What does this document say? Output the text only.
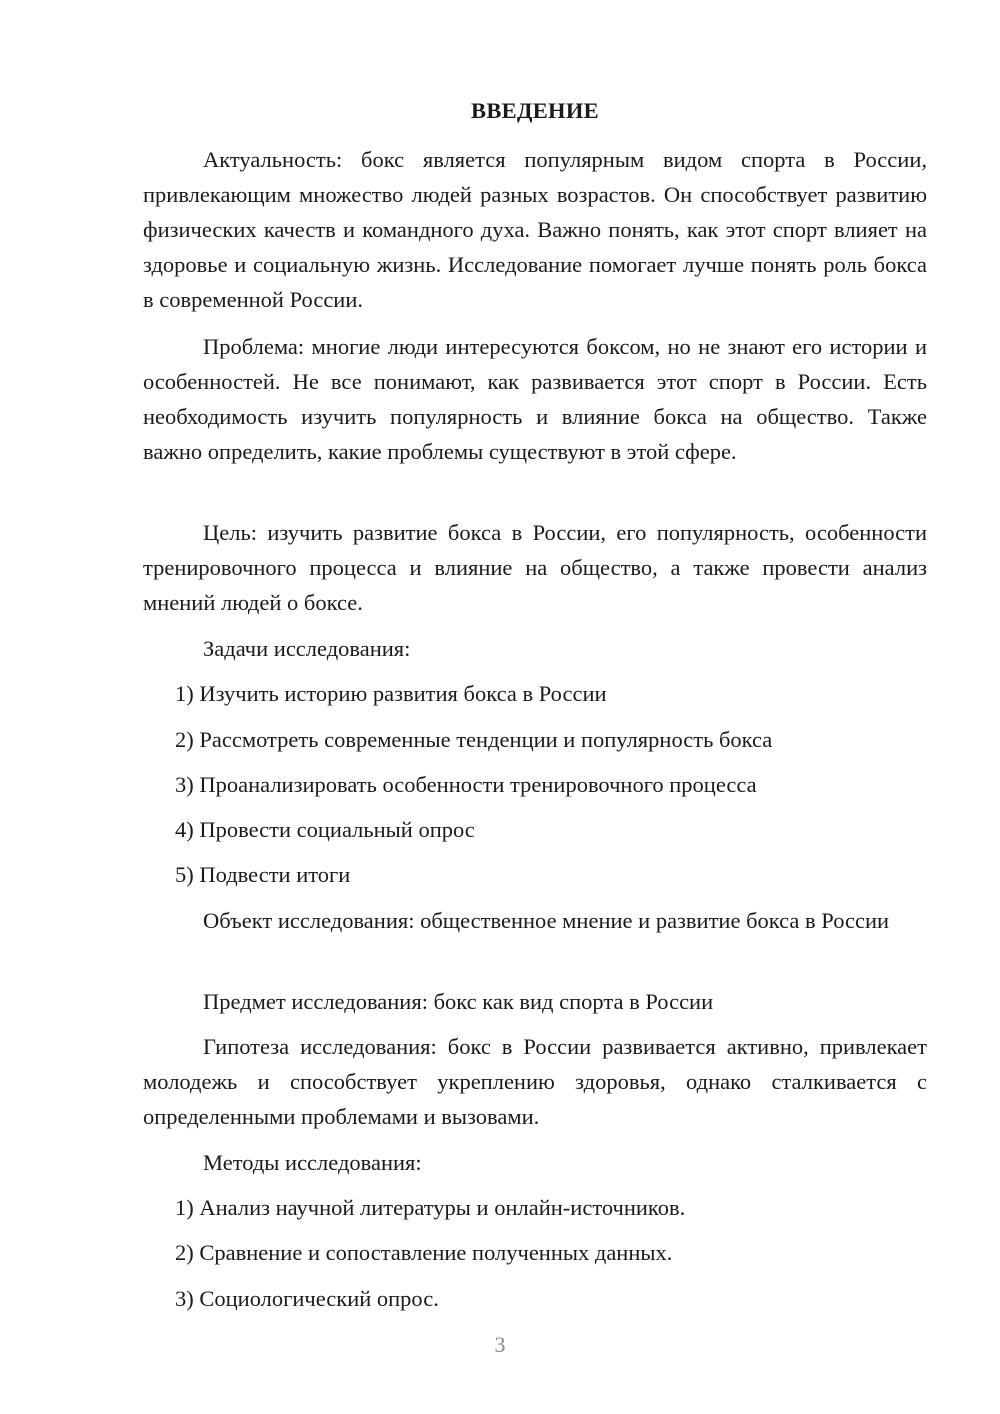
ВВЕДЕНИЕ
Актуальность: бокс является популярным видом спорта в России, привлекающим множество людей разных возрастов. Он способствует развитию физических качеств и командного духа. Важно понять, как этот спорт влияет на здоровье и социальную жизнь. Исследование помогает лучше понять роль бокса в современной России.
Проблема: многие люди интересуются боксом, но не знают его истории и особенностей. Не все понимают, как развивается этот спорт в России. Есть необходимость изучить популярность и влияние бокса на общество. Также важно определить, какие проблемы существуют в этой сфере.
Цель: изучить развитие бокса в России, его популярность, особенности тренировочного процесса и влияние на общество, а также провести анализ мнений людей о боксе.
Задачи исследования:
1) Изучить историю развития бокса в России
2) Рассмотреть современные тенденции и популярность бокса
3) Проанализировать особенности тренировочного процесса
4) Провести социальный опрос
5) Подвести итоги
Объект исследования: общественное мнение и развитие бокса в России
Предмет исследования: бокс как вид спорта в России
Гипотеза исследования: бокс в России развивается активно, привлекает молодежь и способствует укреплению здоровья, однако сталкивается с определенными проблемами и вызовами.
Методы исследования:
1) Анализ научной литературы и онлайн-источников.
2) Сравнение и сопоставление полученных данных.
3) Социологический опрос.
3
